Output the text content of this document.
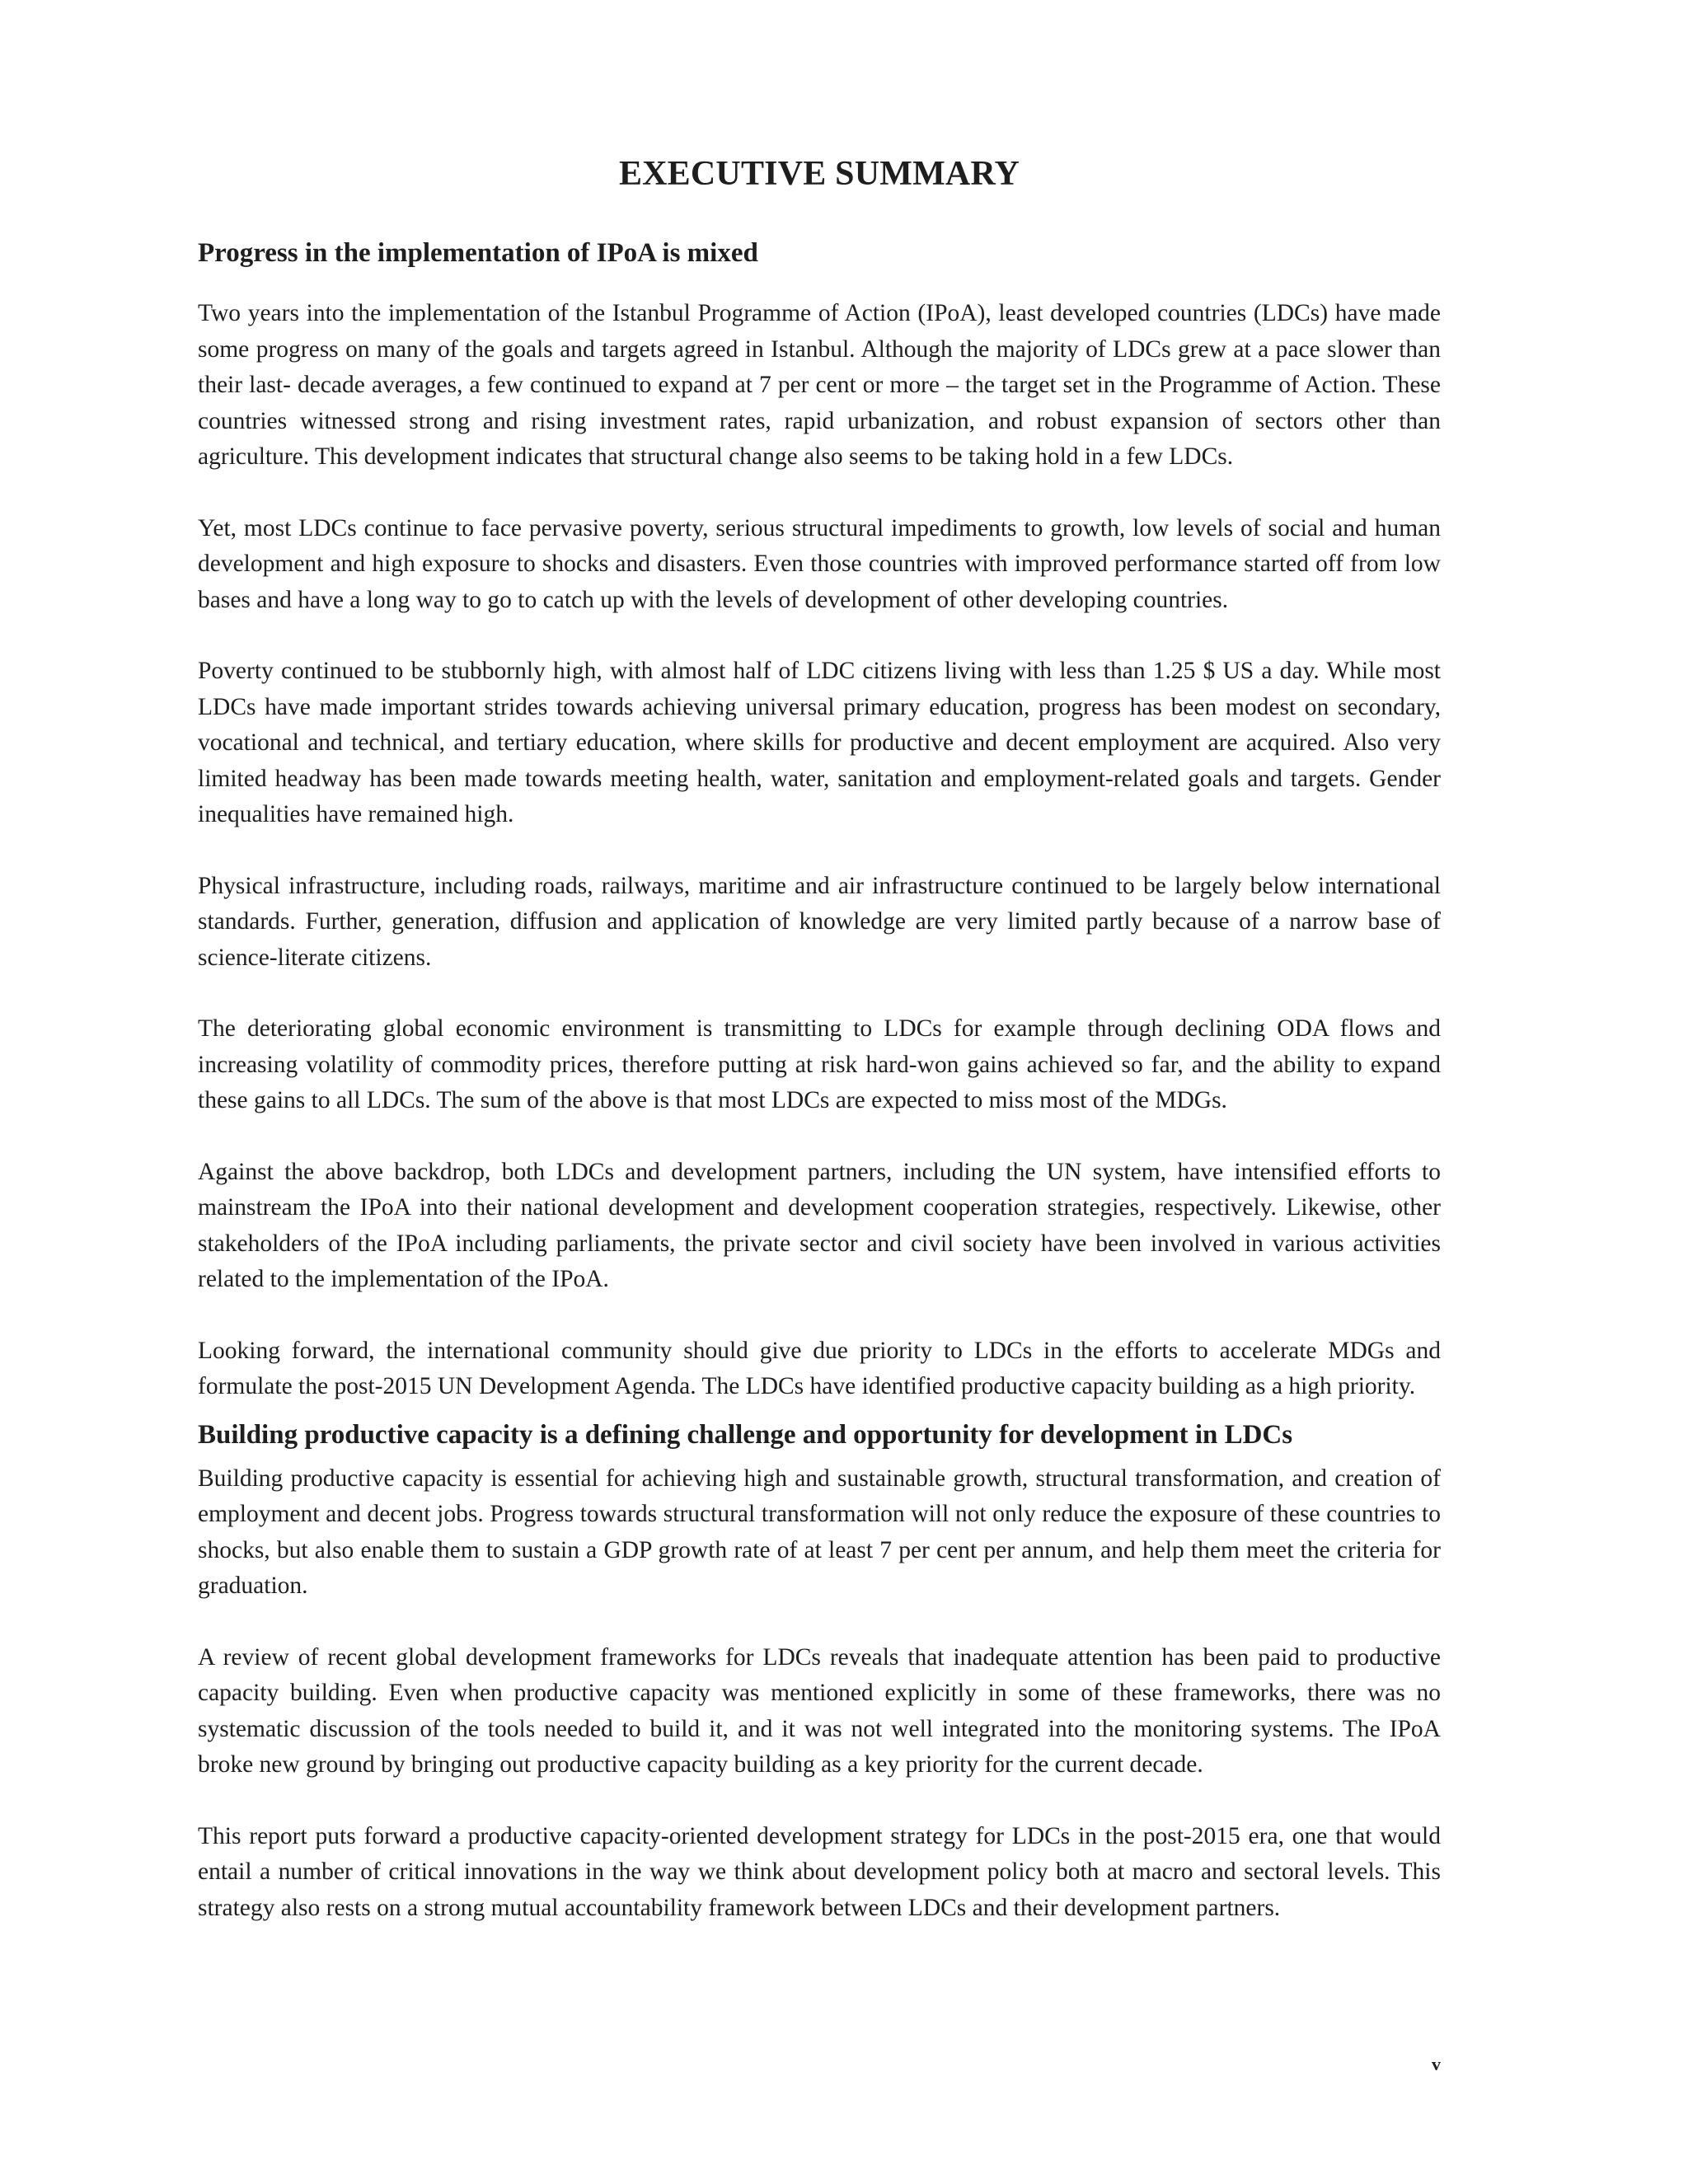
EXECUTIVE SUMMARY
Progress in the implementation of IPoA is mixed

Two years into the implementation of the Istanbul Programme of Action (IPoA), least developed countries (LDCs) have made some progress on many of the goals and targets agreed in Istanbul. Although the majority of LDCs grew at a pace slower than their last- decade averages, a few continued to expand at 7 per cent or more – the target set in the Programme of Action. These countries witnessed strong and rising investment rates, rapid urbanization, and robust expansion of sectors other than agriculture. This development indicates that structural change also seems to be taking hold in a few LDCs.

Yet, most LDCs continue to face pervasive poverty, serious structural impediments to growth, low levels of social and human development and high exposure to shocks and disasters. Even those countries with improved performance started off from low bases and have a long way to go to catch up with the levels of development of other developing countries.

Poverty continued to be stubbornly high, with almost half of LDC citizens living with less than 1.25 $ US a day. While most LDCs have made important strides towards achieving universal primary education, progress has been modest on secondary, vocational and technical, and tertiary education, where skills for productive and decent employment are acquired. Also very limited headway has been made towards meeting health, water, sanitation and employment-related goals and targets. Gender inequalities have remained high.

Physical infrastructure, including roads, railways, maritime and air infrastructure continued to be largely below international standards. Further, generation, diffusion and application of knowledge are very limited partly because of a narrow base of science-literate citizens.

The deteriorating global economic environment is transmitting to LDCs for example through declining ODA flows and increasing volatility of commodity prices, therefore putting at risk hard-won gains achieved so far, and the ability to expand these gains to all LDCs. The sum of the above is that most LDCs are expected to miss most of the MDGs.

Against the above backdrop, both LDCs and development partners, including the UN system, have intensified efforts to mainstream the IPoA into their national development and development cooperation strategies, respectively. Likewise, other stakeholders of the IPoA including parliaments, the private sector and civil society have been involved in various activities related to the implementation of the IPoA.

Looking forward, the international community should give due priority to LDCs in the efforts to accelerate MDGs and formulate the post-2015 UN Development Agenda. The LDCs have identified productive capacity building as a high priority.

Building productive capacity is a defining challenge and opportunity for development in LDCs

Building productive capacity is essential for achieving high and sustainable growth, structural transformation, and creation of employment and decent jobs. Progress towards structural transformation will not only reduce the exposure of these countries to shocks, but also enable them to sustain a GDP growth rate of at least 7 per cent per annum, and help them meet the criteria for graduation.

A review of recent global development frameworks for LDCs reveals that inadequate attention has been paid to productive capacity building. Even when productive capacity was mentioned explicitly in some of these frameworks, there was no systematic discussion of the tools needed to build it, and it was not well integrated into the monitoring systems. The IPoA broke new ground by bringing out productive capacity building as a key priority for the current decade.

This report puts forward a productive capacity-oriented development strategy for LDCs in the post-2015 era, one that would entail a number of critical innovations in the way we think about development policy both at macro and sectoral levels. This strategy also rests on a strong mutual accountability framework between LDCs and their development partners.

v
